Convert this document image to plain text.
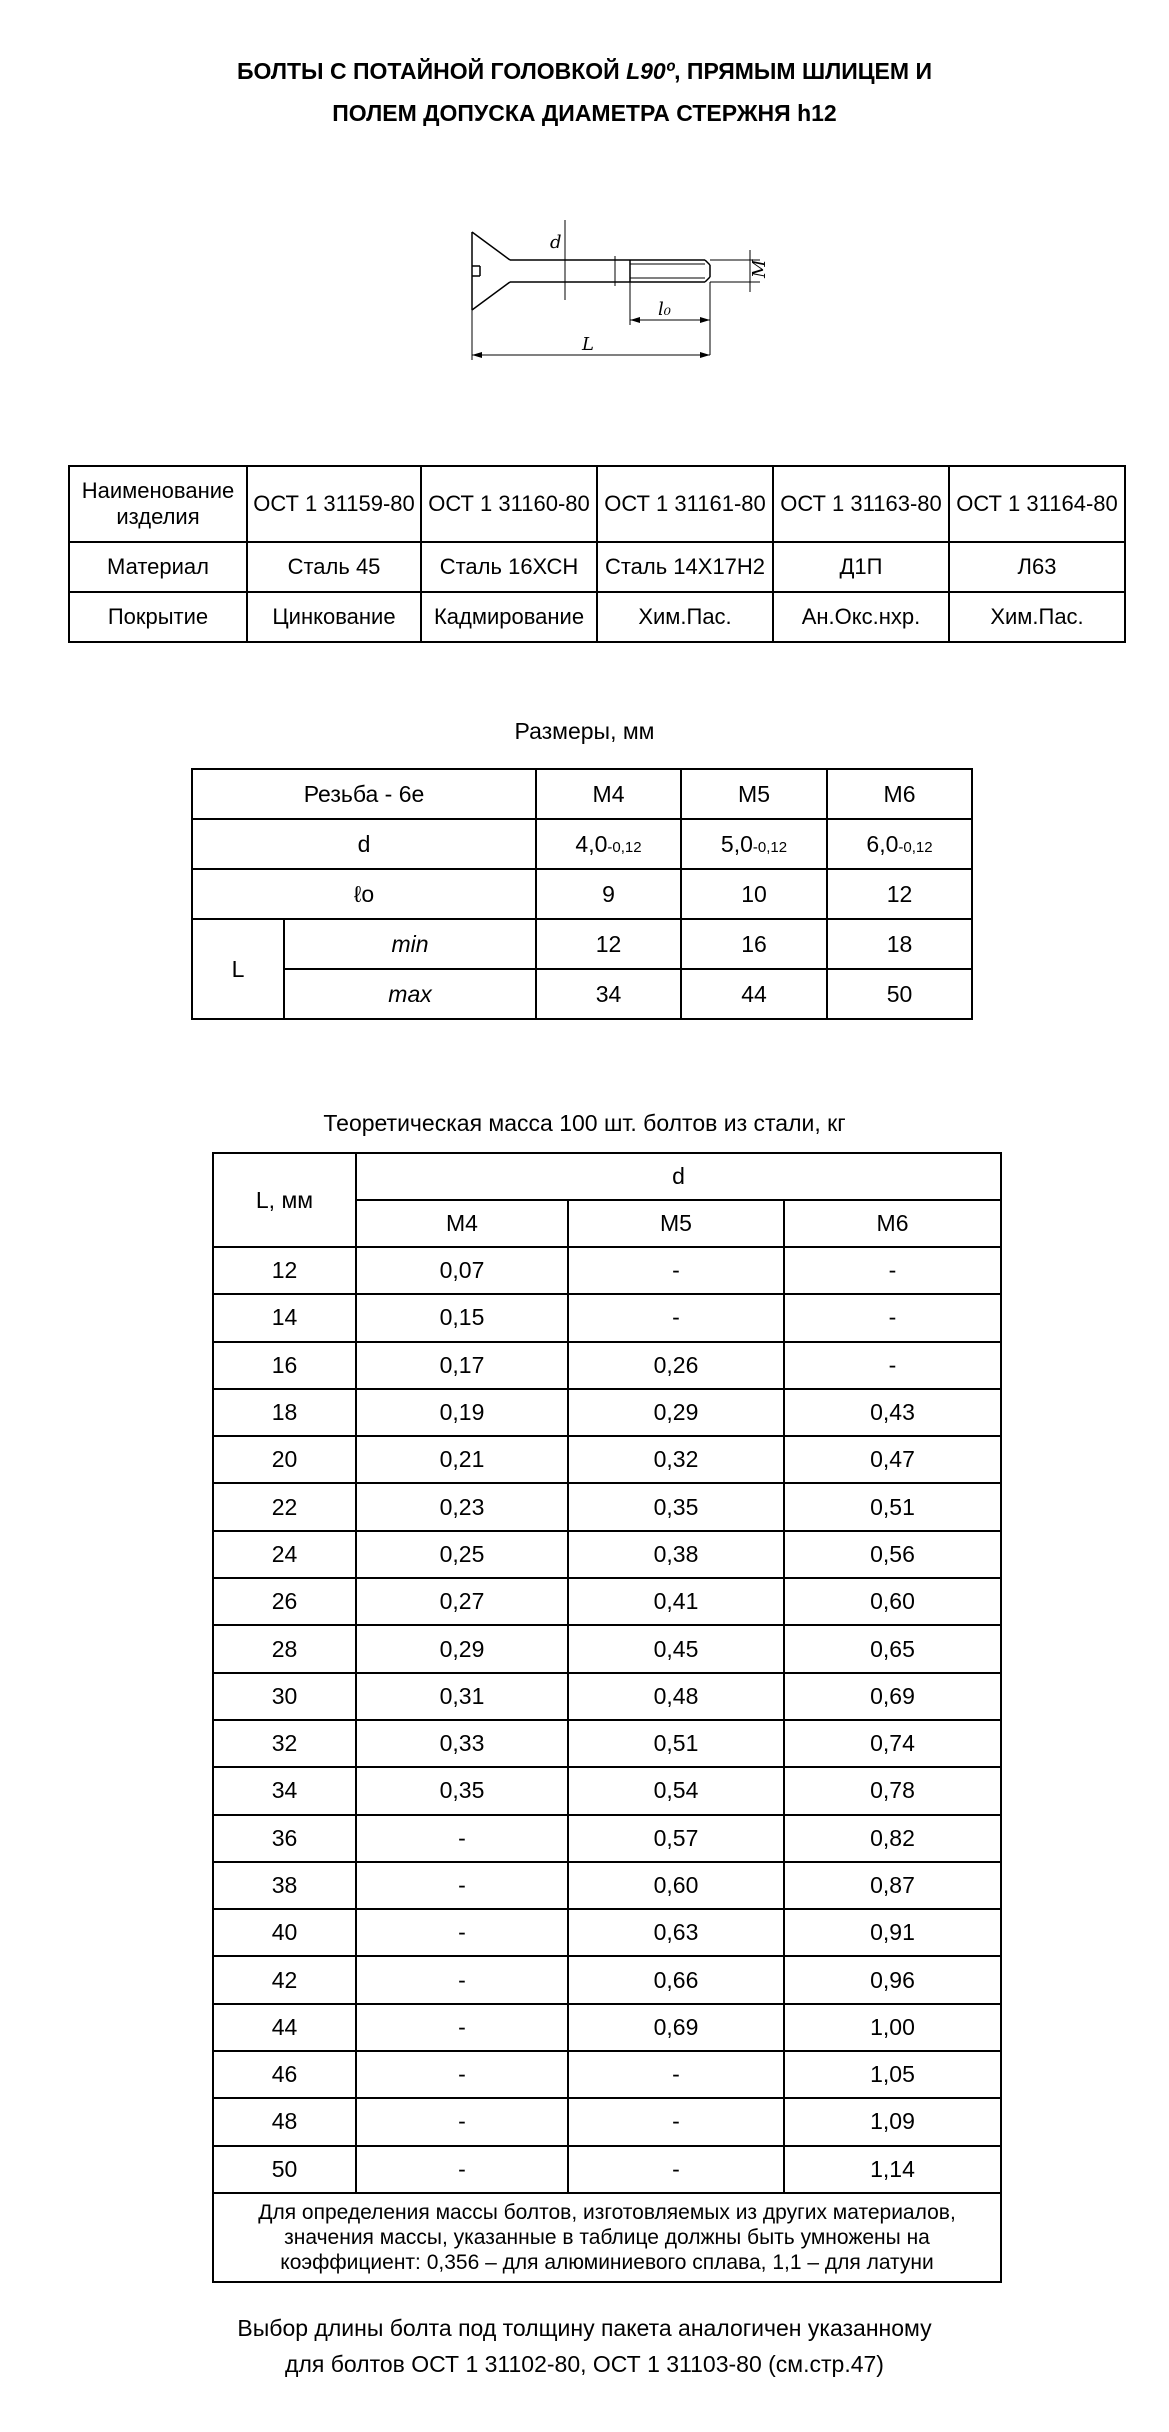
БОЛТЫ С ПОТАЙНОЙ ГОЛОВКОЙ L90º, ПРЯМЫМ ШЛИЦЕМ И
ПОЛЕМ ДОПУСКА ДИАМЕТРА СТЕРЖНЯ h12
d
M
l₀
L
Наименование изделия	ОСТ 1 31159-80	ОСТ 1 31160-80	ОСТ 1 31161-80	ОСТ 1 31163-80	ОСТ 1 31164-80
Материал	Сталь 45	Сталь 16ХСН	Сталь 14Х17Н2	Д1П	Л63
Покрытие	Цинкование	Кадмирование	Хим.Пас.	Ан.Окс.нхр.	Хим.Пас.
Размеры, мм
Резьба - 6е		М4	М5	М6
d		4,0-0,12	5,0-0,12	6,0-0,12
ℓo		9	10	12
L	min	12	16	18
	max	34	44	50
Теоретическая масса 100 шт. болтов из стали, кг
L, мм	d		
	М4	М5	М6
12	0,07	-	-
14	0,15	-	-
16	0,17	0,26	-
18	0,19	0,29	0,43
20	0,21	0,32	0,47
22	0,23	0,35	0,51
24	0,25	0,38	0,56
26	0,27	0,41	0,60
28	0,29	0,45	0,65
30	0,31	0,48	0,69
32	0,33	0,51	0,74
34	0,35	0,54	0,78
36	-	0,57	0,82
38	-	0,60	0,87
40	-	0,63	0,91
42	-	0,66	0,96
44	-	0,69	1,00
46	-	-	1,05
48	-	-	1,09
50	-	-	1,14
Для определения массы болтов, изготовляемых из других материалов, значения массы, указанные в таблице должны быть умножены на коэффициент: 0,356 – для алюминиевого сплава, 1,1 – для латуни			
Выбор длины болта под толщину пакета аналогичен указанному
для болтов ОСТ 1 31102-80, ОСТ 1 31103-80 (см.стр.47)
